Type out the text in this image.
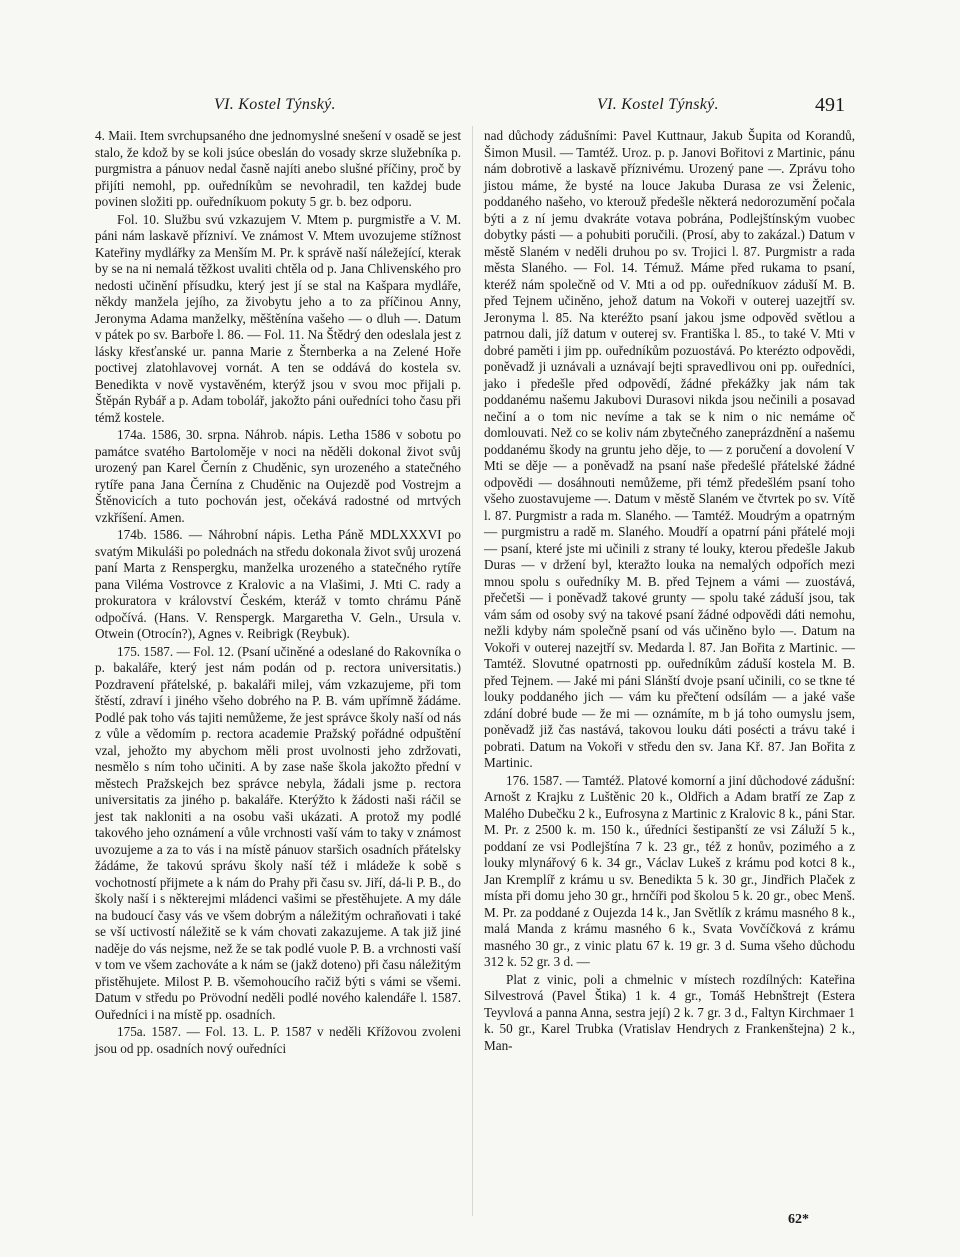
VI. Kostel Týnský.	VI. Kostel Týnský.	491

4. Maii. Item svrchupsaného dne jednomyslné snešení v osadě se jest stalo, že kdož by se koli jsúce obeslán do vosady skrze služebníka p. purgmistra a pánuov nedal časně najíti anebo slušné příčiny, proč by přijíti nemohl, pp. ouředníkům se nevohradil, ten každej bude povinen složiti pp. ouředníkuom pokuty 5 gr. b. bez odporu.

Fol. 10. Službu svú vzkazujem V. Mtem p. purgmistře a V. M. páni nám laskavě přízniví. Ve známost V. Mtem uvozujeme stížnost Kateřiny mydlářky za Menším M. Pr. k správě naší náležející, kterak by se na ni nemalá těžkost uvaliti chtěla od p. Jana Chlivenského pro nedosti učinění přísudku, který jest jí se stal na Kašpara mydláře, někdy manžela jejího, za živobytu jeho a to za příčinou Anny, Jeronyma Adama manželky, měštěnína vašeho — o dluh —. Datum v pátek po sv. Barboře l. 86. — Fol. 11. Na Štědrý den odeslala jest z lásky křesťanské ur. panna Marie z Šternberka a na Zelené Hoře poctivej zlatohlavovej vornát. A ten se oddává do kostela sv. Benedikta v nově vystavěném, kterýž jsou v svou moc přijali p. Štěpán Rybář a p. Adam tobolář, jakožto páni ouředníci toho času při témž kostele.

174a. 1586, 30. srpna. Náhrob. nápis. Letha 1586 v sobotu po památce svatého Bartoloměje v noci na něděli dokonal život svůj urozený pan Karel Černín z Chuděnic, syn urozeného a statečného rytíře pana Jana Černína z Chuděnic na Oujezdě pod Vostrejm a Štěnovicích a tuto pochován jest, očekává radostné od mrtvých vzkříšení. Amen.

174b. 1586. — Náhrobní nápis. Letha Páně MDLXXXVI po svatým Mikuláši po polednách na středu dokonala život svůj urozená paní Marta z Renspergku, manželka urozeného a statečného rytíře pana Viléma Vostrovce z Kralovic a na Vlašimi, J. Mti C. rady a prokuratora v království Českém, kteráž v tomto chrámu Páně odpočívá. (Hans. V. Renspergk. Margaretha V. Geln., Ursula v. Otwein (Otrocín?), Agnes v. Reibrigk (Reybuk).

175. 1587. — Fol. 12. (Psaní učiněné a odeslané do Rakovníka o p. bakaláře, který jest nám podán od p. rectora universitatis.) Pozdravení přátelské, p. bakaláři milej, vám vzkazujeme, při tom štěstí, zdraví i jiného všeho dobrého na P. B. vám upřímně žádáme. Podlé pak toho vás tajiti nemůžeme, že jest správce školy naší od nás z vůle a vědomím p. rectora academie Pražský pořádné odpuštění vzal, jehožto my abychom měli prost uvolnosti jeho zdržovati, nesmělo s ním toho učiniti. A by zase naše škola jakožto přední v městech Pražskejch bez správce nebyla, žádali jsme p. rectora universitatis za jiného p. bakaláře. Kterýžto k žádosti naši ráčil se jest tak nakloniti a na osobu vaši ukázati. A protož my podlé takového jeho oznámení a vůle vrchnosti vaší vám to taky v známost uvozujeme a za to vás i na místě pánuov staršich osadních přátelsky žádáme, že takovú správu školy naší též i mládeže k sobě s vochotností přijmete a k nám do Prahy při času sv. Jiří, dá-li P. B., do školy naší i s některejmi mládenci vašimi se přestěhujete. A my dále na budoucí časy vás ve všem dobrým a náležitým ochraňovati i také se vší uctivostí náležitě se k vám chovati zakazujeme. A tak již jiné naděje do vás nejsme, než že se tak podlé vuole P. B. a vrchnosti vaší v tom ve všem zachováte a k nám se (jakž doteno) při času náležitým přistěhujete. Milost P. B. všemohoucího račiž býti s vámi se všemi. Datum v středu po Prövodní neděli podlé nového kalendáře l. 1587. Ouředníci i na místě pp. osadních.

175a. 1587. — Fol. 13. L. P. 1587 v neděli Křížovou zvoleni jsou od pp. osadních nový ouředníci

nad důchody zádušními: Pavel Kuttnaur, Jakub Šupita od Korandů, Šimon Musil. — Tamtéž. Uroz. p. p. Janovi Bořitovi z Martinic, pánu nám dobrotivě a laskavě příznivému. Urozený pane —. Zprávu toho jistou máme, že bysté na louce Jakuba Durasa ze vsi Želenic, poddaného našeho, vo kterouž předešle některá nedorozumění počala býti a z ní jemu dvakráte votava pobrána, Podlejštínským vuobec dobytky pásti — a pohubiti poručili. (Prosí, aby to zakázal.) Datum v městě Slaném v neděli druhou po sv. Trojici l. 87. Purgmistr a rada města Slaného. — Fol. 14. Témuž. Máme před rukama to psaní, kteréž nám společně od V. Mti a od pp. ouředníkuov záduší M. B. před Tejnem učiněno, jehož datum na Vokoři v outerej uazejtří sv. Jeronyma l. 85. Na kteréžto psaní jakou jsme odpověd světlou a patrnou dali, jíž datum v outerej sv. Františka l. 85., to také V. Mti v dobré paměti i jim pp. ouředníkům pozuostává. Po kterézto odpovědi, poněvadž ji uznávali a uznávají bejti spravedlivou oni pp. ouředníci, jako i předešle před odpovědí, žádné překážky jak nám tak poddanému našemu Jakubovi Durasovi nikda jsou nečinili a posavad nečiní a o tom nic nevíme a tak se k nim o nic nemáme oč domlouvati. Než co se koliv nám zbytečného zaneprázdnění a našemu poddanému škody na gruntu jeho děje, to — z poručení a dovolení V Mti se děje — a poněvadž na psaní naše předešlé přátelské žádné odpovědi — dosáhnouti nemůžeme, při témž předešlém psaní toho všeho zuostavujeme —. Datum v městě Slaném ve čtvrtek po sv. Vítě l. 87. Purgmistr a rada m. Slaného. — Tamtéž. Moudrým a opatrným — purgmistru a radě m. Slaného. Moudří a opatrní páni přátelé moji — psaní, které jste mi učinili z strany té louky, kterou předešle Jakub Duras — v držení byl, kteražto louka na nemalých odpořích mezi mnou spolu s ouředníky M. B. před Tejnem a vámi — zuostává, přečetši — i poněvadž takové grunty — spolu také záduší jsou, tak vám sám od osoby svý na takové psaní žádné odpovědi dáti nemohu, nežli kdyby nám společně psaní od vás učiněno bylo —. Datum na Vokoři v outerej nazejtří sv. Medarda l. 87. Jan Bořita z Martinic. — Tamtéž. Slovutné opatrnosti pp. ouředníkům záduší kostela M. B. před Tejnem. — Jaké mi páni Slánští dvoje psaní učinili, co se tkne té louky poddaného jich — vám ku přečtení odsílám — a jaké vaše zdání dobré bude — že mi — oznámíte, m b já toho oumyslu jsem, poněvadž již čas nastává, takovou louku dáti posécti a trávu také i pobrati. Datum na Vokoři v středu den sv. Jana Kř. 87. Jan Bořita z Martinic.

176. 1587. — Tamtéž. Platové komorní a jiní důchodové zádušní: Arnošt z Krajku z Luštěnic 20 k., Oldřich a Adam bratří ze Zap z Malého Dubečku 2 k., Eufrosyna z Martinic z Kralovic 8 k., páni Star. M. Pr. z 2500 k. m. 150 k., úředníci šestipanští ze vsi Záluží 5 k., poddaní ze vsi Podlejštína 7 k. 23 gr., též z honův, pozimého a z louky mlynářový 6 k. 34 gr., Václav Lukeš z krámu pod kotci 8 k., Jan Kremplíř z krámu u sv. Benedikta 5 k. 30 gr., Jindřich Plaček z místa při domu jeho 30 gr., hrnčíři pod školou 5 k. 20 gr., obec Menš. M. Pr. za poddané z Oujezda 14 k., Jan Světlík z krámu masného 8 k., malá Manda z krámu masného 6 k., Svata Vovčíčková z krámu masného 30 gr., z vinic platu 67 k. 19 gr. 3 d. Suma všeho důchodu 312 k. 52 gr. 3 d. —

Plat z vinic, poli a chmelnic v místech rozdílných: Kateřina Silvestrová (Pavel Štika) 1 k. 4 gr., Tomáš Hebnštrejt (Estera Teyvlová a panna Anna, sestra její) 2 k. 7 gr. 3 d., Faltyn Kirchmaer 1 k. 50 gr., Karel Trubka (Vratislav Hendrych z Frankenštejna) 2 k., Man-

62*
